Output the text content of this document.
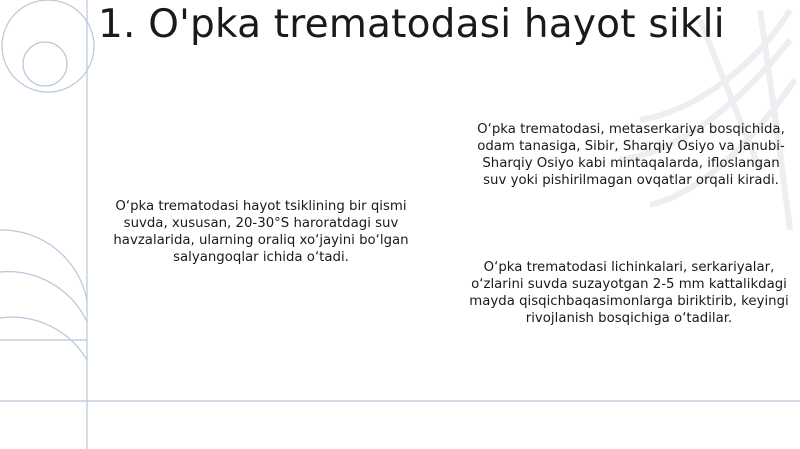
1. O'pka trematodasi hayot sikli

O‘pka trematodasi hayot tsiklining bir qismi suvda, xususan, 20-30°S haroratdagi suv havzalarida, ularning oraliq xo‘jayini bo‘lgan salyangoqlar ichida o‘tadi.

O‘pka trematodasi, metaserkariya bosqichida, odam tanasiga, Sibir, Sharqiy Osiyo va Janubi-Sharqiy Osiyo kabi mintaqalarda, ifloslangan suv yoki pishirilmagan ovqatlar orqali kiradi.

O‘pka trematodasi lichinkalari, serkariyalar, o‘zlarini suvda suzayotgan 2-5 mm kattalikdagi mayda qisqichbaqasimonlarga biriktirib, keyingi rivojlanish bosqichiga o‘tadilar.
